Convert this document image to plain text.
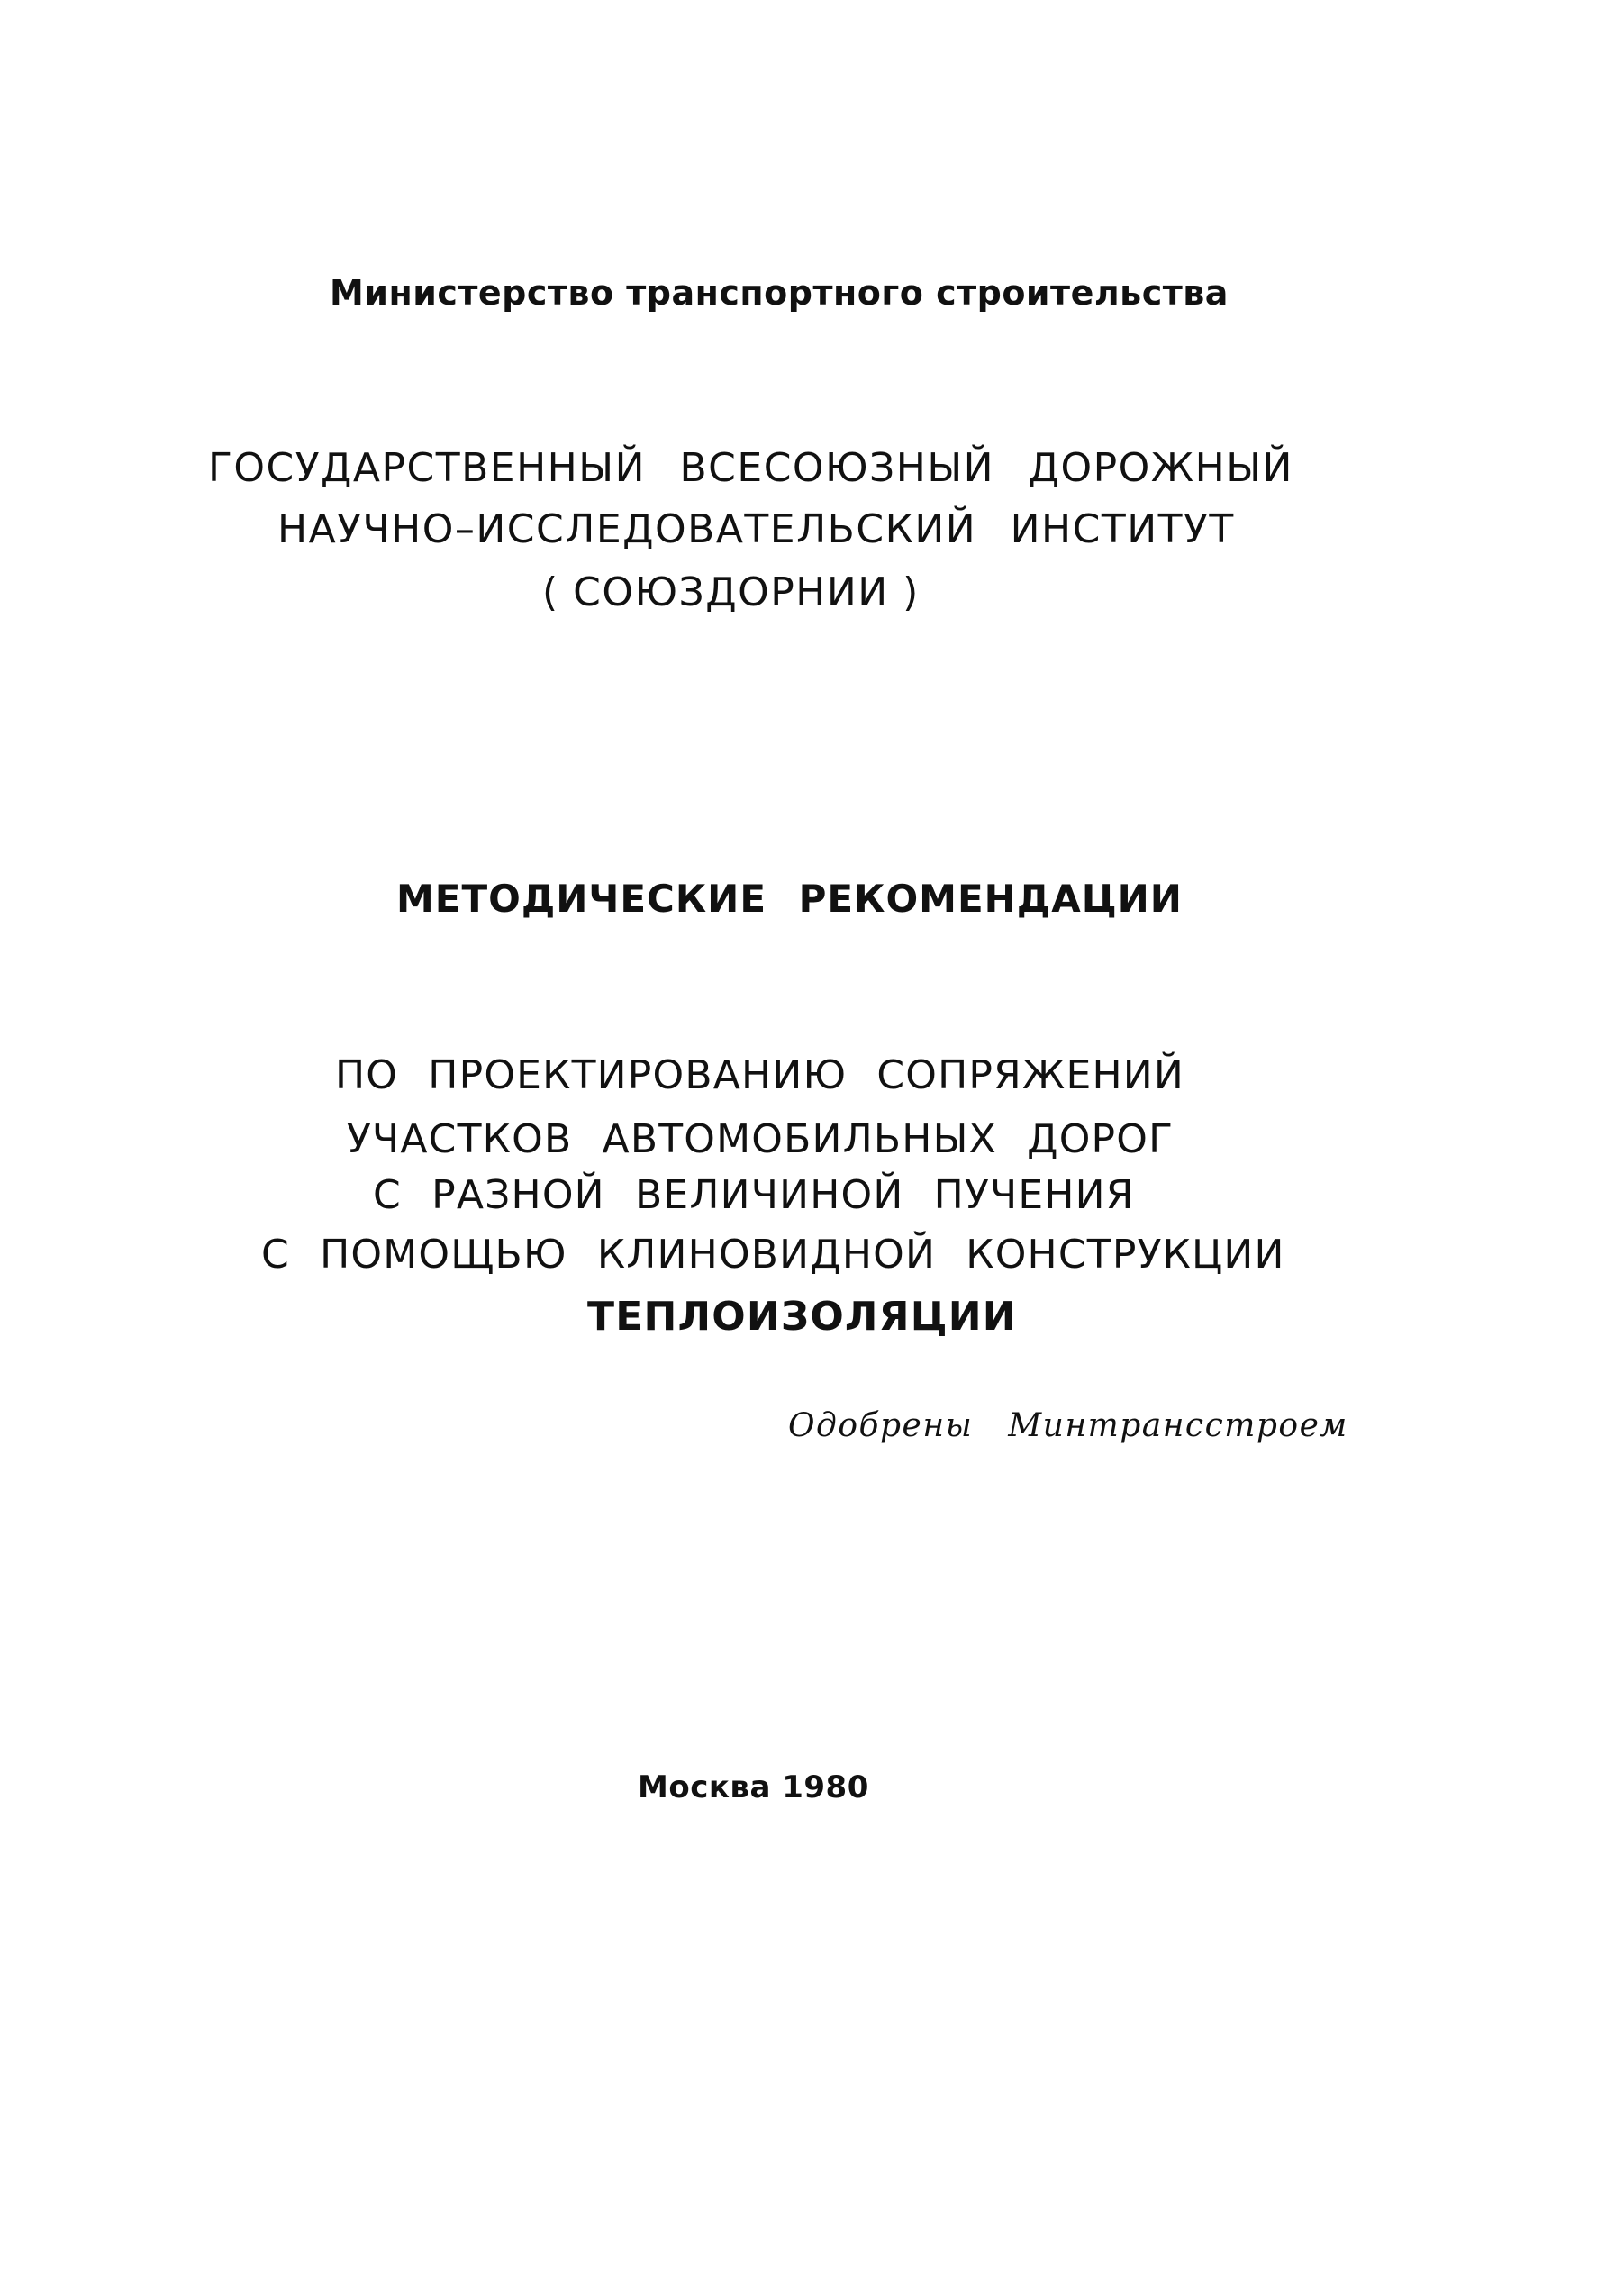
Министерство транспортного строительства
ГОСУДАРСТВЕННЫЙ ВСЕСОЮЗНЫЙ ДОРОЖНЫЙ
НАУЧНО–ИССЛЕДОВАТЕЛЬСКИЙ ИНСТИТУТ
( СОЮЗДОРНИИ )
МЕТОДИЧЕСКИЕ РЕКОМЕНДАЦИИ
ПО ПРОЕКТИРОВАНИЮ СОПРЯЖЕНИЙ
УЧАСТКОВ АВТОМОБИЛЬНЫХ ДОРОГ
С РАЗНОЙ ВЕЛИЧИНОЙ ПУЧЕНИЯ
С ПОМОЩЬЮ КЛИНОВИДНОЙ КОНСТРУКЦИИ
ТЕПЛОИЗОЛЯЦИИ
Одобрены Минтрансстроем
Москва 1980
